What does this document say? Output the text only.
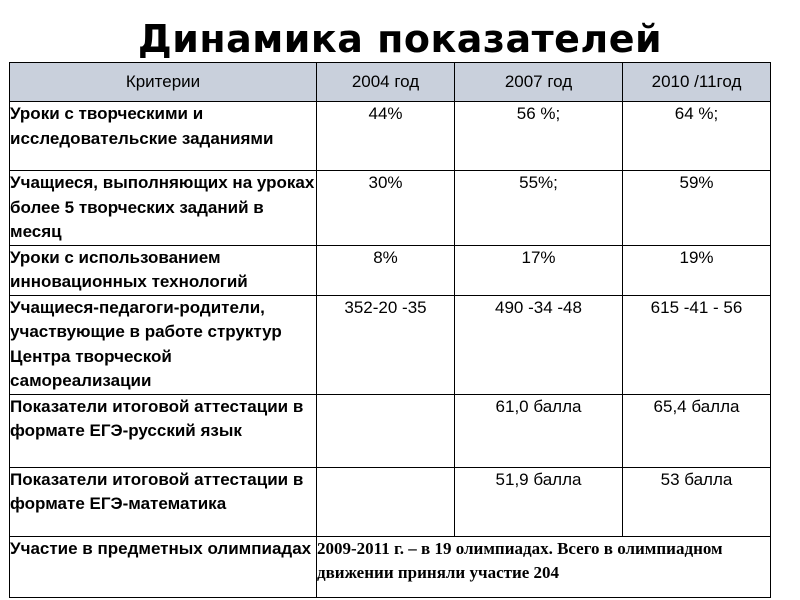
Динамика показателей
Критерии	2004 год	2007 год	2010 /11год
Уроки с творческими и исследовательские заданиями	44%	56 %;	64 %;
Учащиеся, выполняющих на уроках более 5 творческих заданий в месяц	30%	55%;	59%
Уроки с использованием инновационных технологий	8%	17%	19%
Учащиеся-педагоги-родители, участвующие в работе структур Центра творческой самореализации	352-20 -35	490 -34 -48	615 -41 - 56
Показатели итоговой аттестации в формате ЕГЭ-русский язык		61,0 балла	65,4 балла
Показатели итоговой аттестации в формате ЕГЭ-математика		51,9 балла	53 балла
Участие в предметных олимпиадах	2009-2011 г. – в 19 олимпиадах. Всего в олимпиадном движении приняли участие 204		
